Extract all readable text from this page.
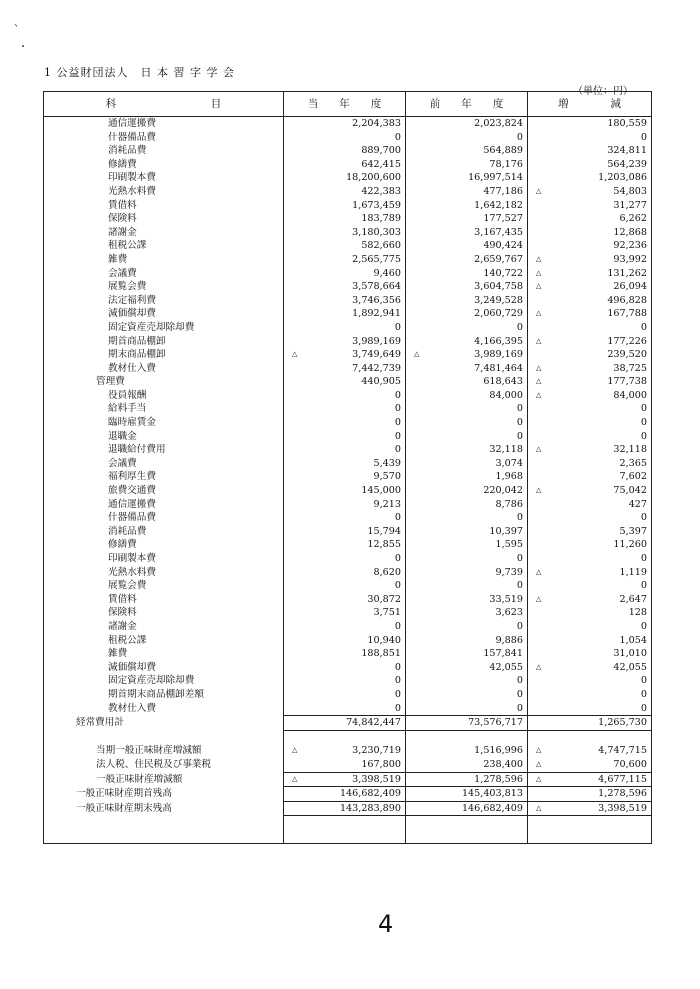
、
・
1 公益財団法人　日 本 習 字 学 会
（単位：円）
科　　　　　　　　　目	当　　年　　度	前　　年　　度	増　　　　減
通信運搬費	2,204,383	2,023,824	180,559

什器備品費	0	0	0

消耗品費	889,700	564,889	324,811

修繕費	642,415	78,176	564,239

印刷製本費	18,200,600	16,997,514	1,203,086

光熱水料費	422,383	477,186	△ 54,803

賃借料	1,673,459	1,642,182	31,277

保険料	183,789	177,527	6,262

諸謝金	3,180,303	3,167,435	12,868

租税公課	582,660	490,424	92,236

雑費	2,565,775	2,659,767	△ 93,992

会議費	9,460	140,722	△ 131,262

展覧会費	3,578,664	3,604,758	△ 26,094

法定福利費	3,746,356	3,249,528	496,828

減価償却費	1,892,941	2,060,729	△ 167,788

固定資産売却除却費	0	0	0

期首商品棚卸	3,989,169	4,166,395	△ 177,226

期末商品棚卸	△ 3,749,649	△ 3,989,169	239,520

教材仕入費	7,442,739	7,481,464	△ 38,725

管理費	440,905	618,643	△ 177,738

役員報酬	0	84,000	△ 84,000

給料手当	0	0	0

臨時雇賃金	0	0	0

退職金	0	0	0

退職給付費用	0	32,118	△ 32,118

会議費	5,439	3,074	2,365

福利厚生費	9,570	1,968	7,602

旅費交通費	145,000	220,042	△ 75,042

通信運搬費	9,213	8,786	427

什器備品費	0	0	0

消耗品費	15,794	10,397	5,397

修繕費	12,855	1,595	11,260

印刷製本費	0	0	0

光熱水料費	8,620	9,739	△ 1,119

展覧会費	0	0	0

賃借料	30,872	33,519	△ 2,647

保険料	3,751	3,623	128

諸謝金	0	0	0

租税公課	10,940	9,886	1,054

雑費	188,851	157,841	31,010

減価償却費	0	42,055	△ 42,055

固定資産売却除却費	0	0	0

期首期末商品棚卸差額	0	0	0

教材仕入費	0	0	0

経常費用計	74,842,447	73,576,717	1,265,730

当期一般正味財産増減額	△ 3,230,719	1,516,996	△ 4,747,715

法人税、住民税及び事業税	167,800	238,400	△ 70,600

一般正味財産増減額	△ 3,398,519	1,278,596	△ 4,677,115

一般正味財産期首残高	146,682,409	145,403,813	1,278,596

一般正味財産期末残高	143,283,890	146,682,409	△ 3,398,519

4
